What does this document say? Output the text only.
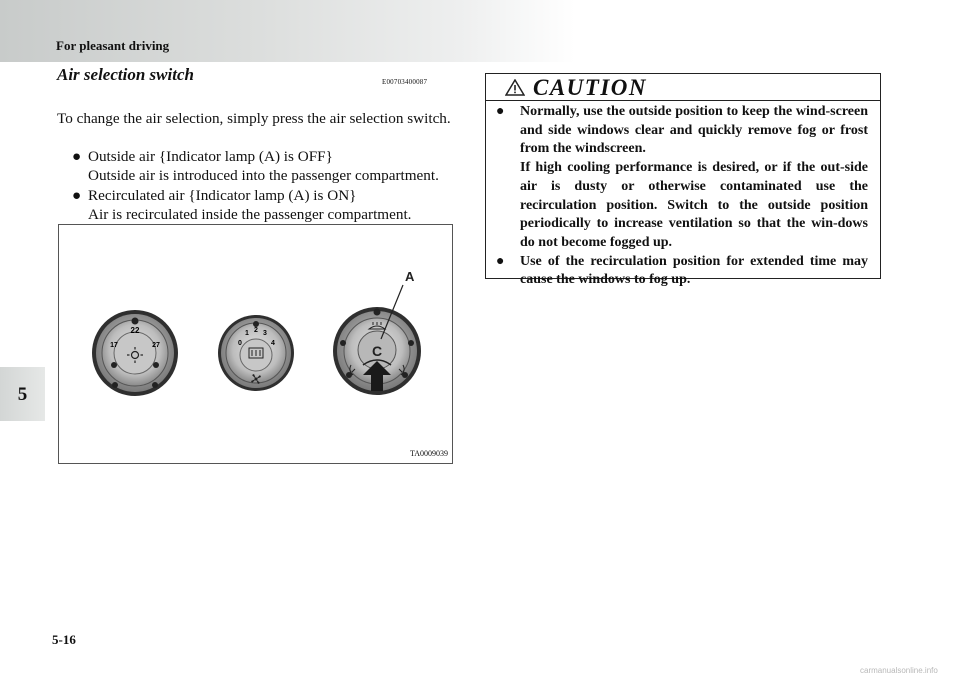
For pleasant driving
5
Air selection switch	E00703400087
To change the air selection, simply press the air selection switch.
● Outside air {Indicator lamp (A) is OFF}
Outside air is introduced into the passenger compartment.
● Recirculated air {Indicator lamp (A) is ON}
Air is recirculated inside the passenger compartment.
22
17	27	0
1 2 3
4	C
A
TA0009039
CAUTION
● Normally, use the outside position to keep the wind-screen and side windows clear and quickly remove fog or frost from the windscreen.
If high cooling performance is desired, or if the out-side air is dusty or otherwise contaminated use the recirculation position. Switch to the outside position periodically to increase ventilation so that the win-dows do not become fogged up.
● Use of the recirculation position for extended time may cause the windows to fog up.
5-16
carmanualsonline.info
